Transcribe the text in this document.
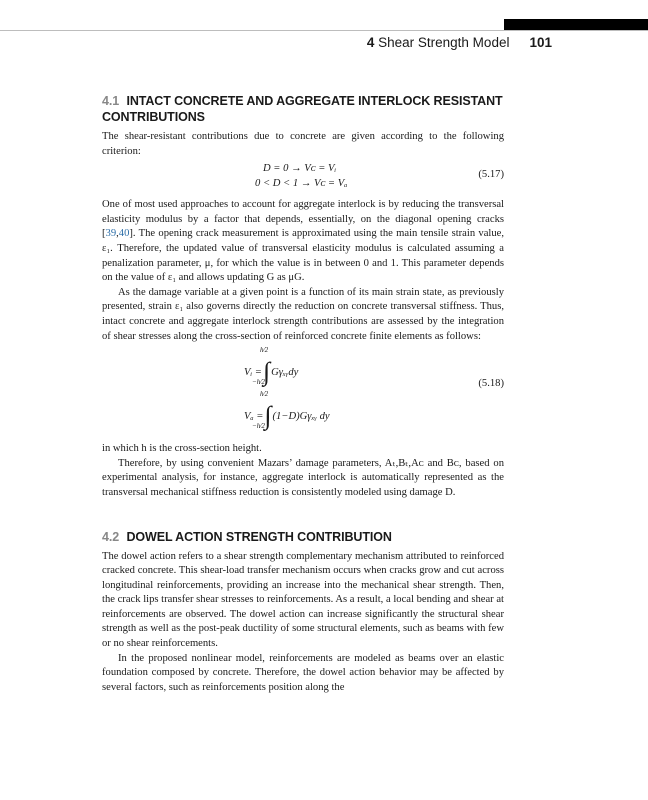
4 Shear Strength Model 101
4.1 INTACT CONCRETE AND AGGREGATE INTERLOCK RESISTANT CONTRIBUTIONS

The shear-resistant contributions due to concrete are given according to the following criterion:

D = 0 → Vᴄ = Vᵢ
0 < D < 1 → Vᴄ = Vₐ
(5.17)

One of most used approaches to account for aggregate interlock is by reducing the transversal elasticity modulus by a factor that depends, essentially, on the diagonal opening cracks [39,40]. The opening crack measurement is approximated using the main tensile strain value, ε₁. Therefore, the updated value of transversal elasticity modulus is calculated assuming a penalization parameter, μ, for which the value is in between 0 and 1. This parameter depends on the value of ε₁ and allows updating G as μG.

As the damage variable at a given point is a function of its main strain state, as previously presented, strain ε₁ also governs directly the reduction on concrete transversal stiffness. Thus, intact concrete and aggregate interlock strength contributions are assessed by the integration of shear stresses along the cross-section of reinforced concrete finite elements as follows:

h⁄2
Vᵢ =∫Gγₓᵧdy
−h⁄2
h⁄2
Vₐ =∫(1−D)Gγₓᵧ dy
−h⁄2
(5.18)

in which h is the cross-section height.

Therefore, by using convenient Mazars’ damage parameters, Aₜ,Bₜ,Aᴄ and Bᴄ, based on experimental analysis, for instance, aggregate interlock is automatically represented as the transversal mechanical stiffness reduction is consistently modeled using damage D.

4.2 DOWEL ACTION STRENGTH CONTRIBUTION

The dowel action refers to a shear strength complementary mechanism attributed to reinforced cracked concrete. This shear-load transfer mechanism occurs when cracks grow and cut across longitudinal reinforcements, providing an increase into the mechanical shear strength. Then, the crack lips transfer shear stresses to reinforcements. As a result, a local bending and shear at reinforcements are observed. The dowel action can increase significantly the structural shear strength as well as the post-peak ductility of some structural elements, such as beams with few or no shear reinforcements.

In the proposed nonlinear model, reinforcements are modeled as beams over an elastic foundation composed by concrete. Therefore, the dowel action behavior may be affected by several factors, such as reinforcements position along the
